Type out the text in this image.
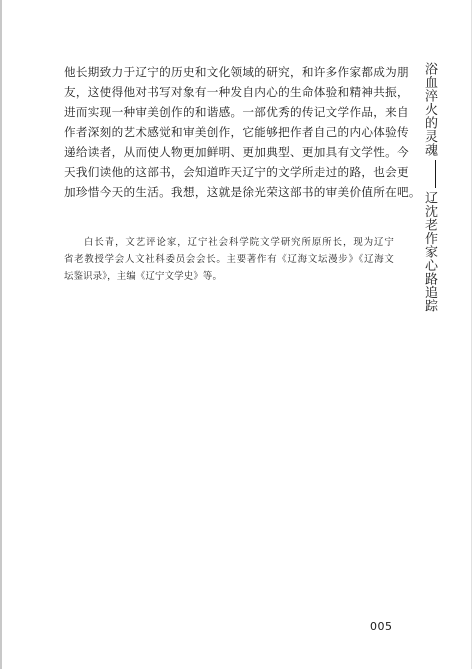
他长期致力于辽宁的历史和文化领域的研究，和许多作家都成为朋
友，这使得他对书写对象有一种发自内心的生命体验和精神共振，
进而实现一种审美创作的和谐感。一部优秀的传记文学作品，来自
作者深刻的艺术感觉和审美创作，它能够把作者自己的内心体验传
递给读者，从而使人物更加鲜明、更加典型、更加具有文学性。今
天我们读他的这部书，会知道昨天辽宁的文学所走过的路，也会更
加珍惜今天的生活。我想，这就是徐光荣这部书的审美价值所在吧。
白长青，文艺评论家，辽宁社会科学院文学研究所原所长，现为辽宁
省老教授学会人文社科委员会会长。主要著作有《辽海文坛漫步》《辽海文
坛鉴识录》，主编《辽宁文学史》等。
浴血淬火的灵魂
辽沈老作家心路追踪
005
